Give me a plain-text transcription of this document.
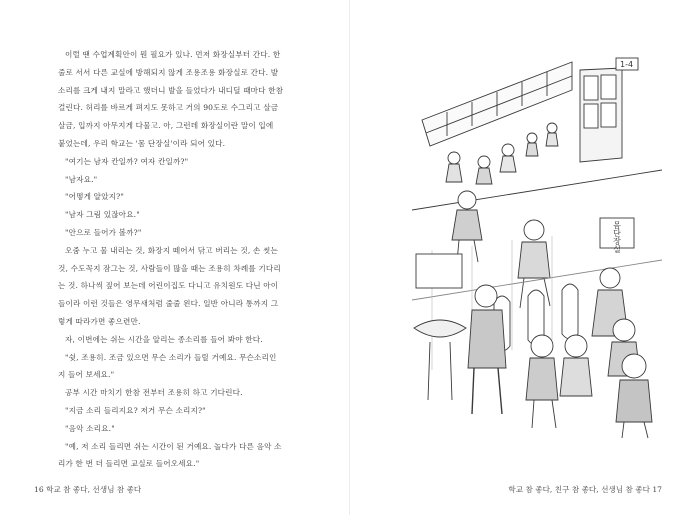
이럴 땐 수업계획안이 뭔 필요가 있나. 먼저 화장실부터 간다. 한

줄로 서서 다른 교실에 방해되지 않게 조용조용 화장실로 간다. 발

소리를 크게 내지 말라고 했더니 발을 들었다가 내디딜 때마다 한참

걸린다. 허리를 바르게 펴지도 못하고 거의 90도로 수그리고 살금

살금, 입까지 아무지게 다물고. 아, 그런데 화장실이란 말이 입에

붙었는데, 우리 학교는 '몸 단장실'이라 되어 있다.

"여기는 남자 칸일까? 여자 칸일까?"

"남자요."

"어떻게 알았지?"

"남자 그림 있잖아요."

"안으로 들어가 볼까?"

오줌 누고 물 내리는 것, 화장지 떼어서 닦고 버리는 것, 손 씻는

것, 수도꼭지 잠그는 것, 사람들이 많을 때는 조용히 차례를 기다리

는 것. 하나씩 짚어 보는데 어린이집도 다니고 유치원도 다닌 아이

들이라 이런 것들은 영무새처럼 줄줄 왼다. 일반 아니라 통까지 그

렇게 따라가면 좋으련만.

자, 이번에는 쉬는 시간을 알리는 종소리를 들어 봐야 한다.

"쉿, 조용히. 조금 있으면 무슨 소리가 들릴 거예요. 무슨소리인

지 들어 보세요."

공부 시간 마치기 한참 전부터 조용히 하고 기다린다.

"지금 소리 들리지요? 저거 무슨 소리지?"

"음악 소리요."

"예, 저 소리 들리면 쉬는 시간이 된 거예요. 놀다가 다른 음악 소

리가 한 번 더 들리면 교실로 들어오세요."

16 학교 참 좋다, 선생님 참 좋다
1-4
몸단장실
학교 참 좋다, 친구 참 좋다, 선생님 참 좋다 17
